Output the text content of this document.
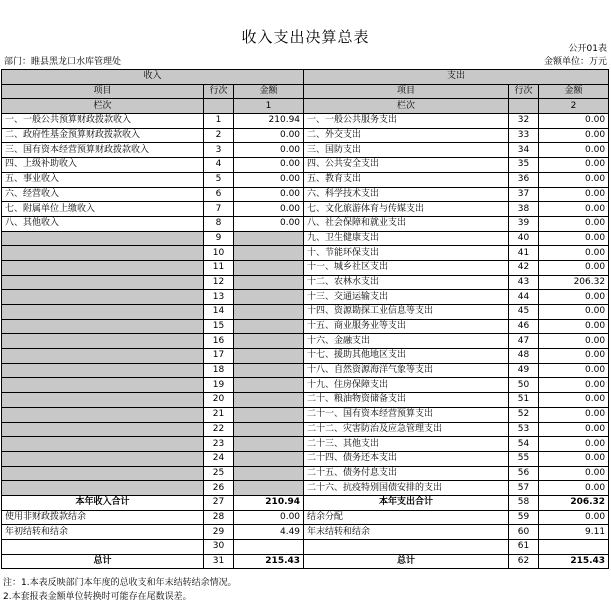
收入支出决算总表
公开01表
部门：睢县黑龙口水库管理处	金额单位：万元
收入			支出		
项目	行次	金额	项目	行次	金额
栏次		1	栏次		2
一、一般公共预算财政拨款收入	1	210.94	一、一般公共服务支出	32	0.00
二、政府性基金预算财政拨款收入	2	0.00	二、外交支出	33	0.00
三、国有资本经营预算财政拨款收入	3	0.00	三、国防支出	34	0.00
四、上级补助收入	4	0.00	四、公共安全支出	35	0.00
五、事业收入	5	0.00	五、教育支出	36	0.00
六、经营收入	6	0.00	六、科学技术支出	37	0.00
七、附属单位上缴收入	7	0.00	七、文化旅游体育与传媒支出	38	0.00
八、其他收入	8	0.00	八、社会保障和就业支出	39	0.00
	9		九、卫生健康支出	40	0.00
	10		十、节能环保支出	41	0.00
	11		十一、城乡社区支出	42	0.00
	12		十二、农林水支出	43	206.32
	13		十三、交通运输支出	44	0.00
	14		十四、资源勘探工业信息等支出	45	0.00
	15		十五、商业服务业等支出	46	0.00
	16		十六、金融支出	47	0.00
	17		十七、援助其他地区支出	48	0.00
	18		十八、自然资源海洋气象等支出	49	0.00
	19		十九、住房保障支出	50	0.00
	20		二十、粮油物资储备支出	51	0.00
	21		二十一、国有资本经营预算支出	52	0.00
	22		二十二、灾害防治及应急管理支出	53	0.00
	23		二十三、其他支出	54	0.00
	24		二十四、债务还本支出	55	0.00
	25		二十五、债务付息支出	56	0.00
	26		二十六、抗疫特别国债安排的支出	57	0.00
本年收入合计	27	210.94	本年支出合计	58	206.32
使用非财政拨款结余	28	0.00	结余分配	59	0.00
年初结转和结余	29	4.49	年末结转和结余	60	9.11
	30			61	
总计	31	215.43	总计	62	215.43
注：1.本表反映部门本年度的总收支和年末结转结余情况。
2.本套报表金额单位转换时可能存在尾数误差。
